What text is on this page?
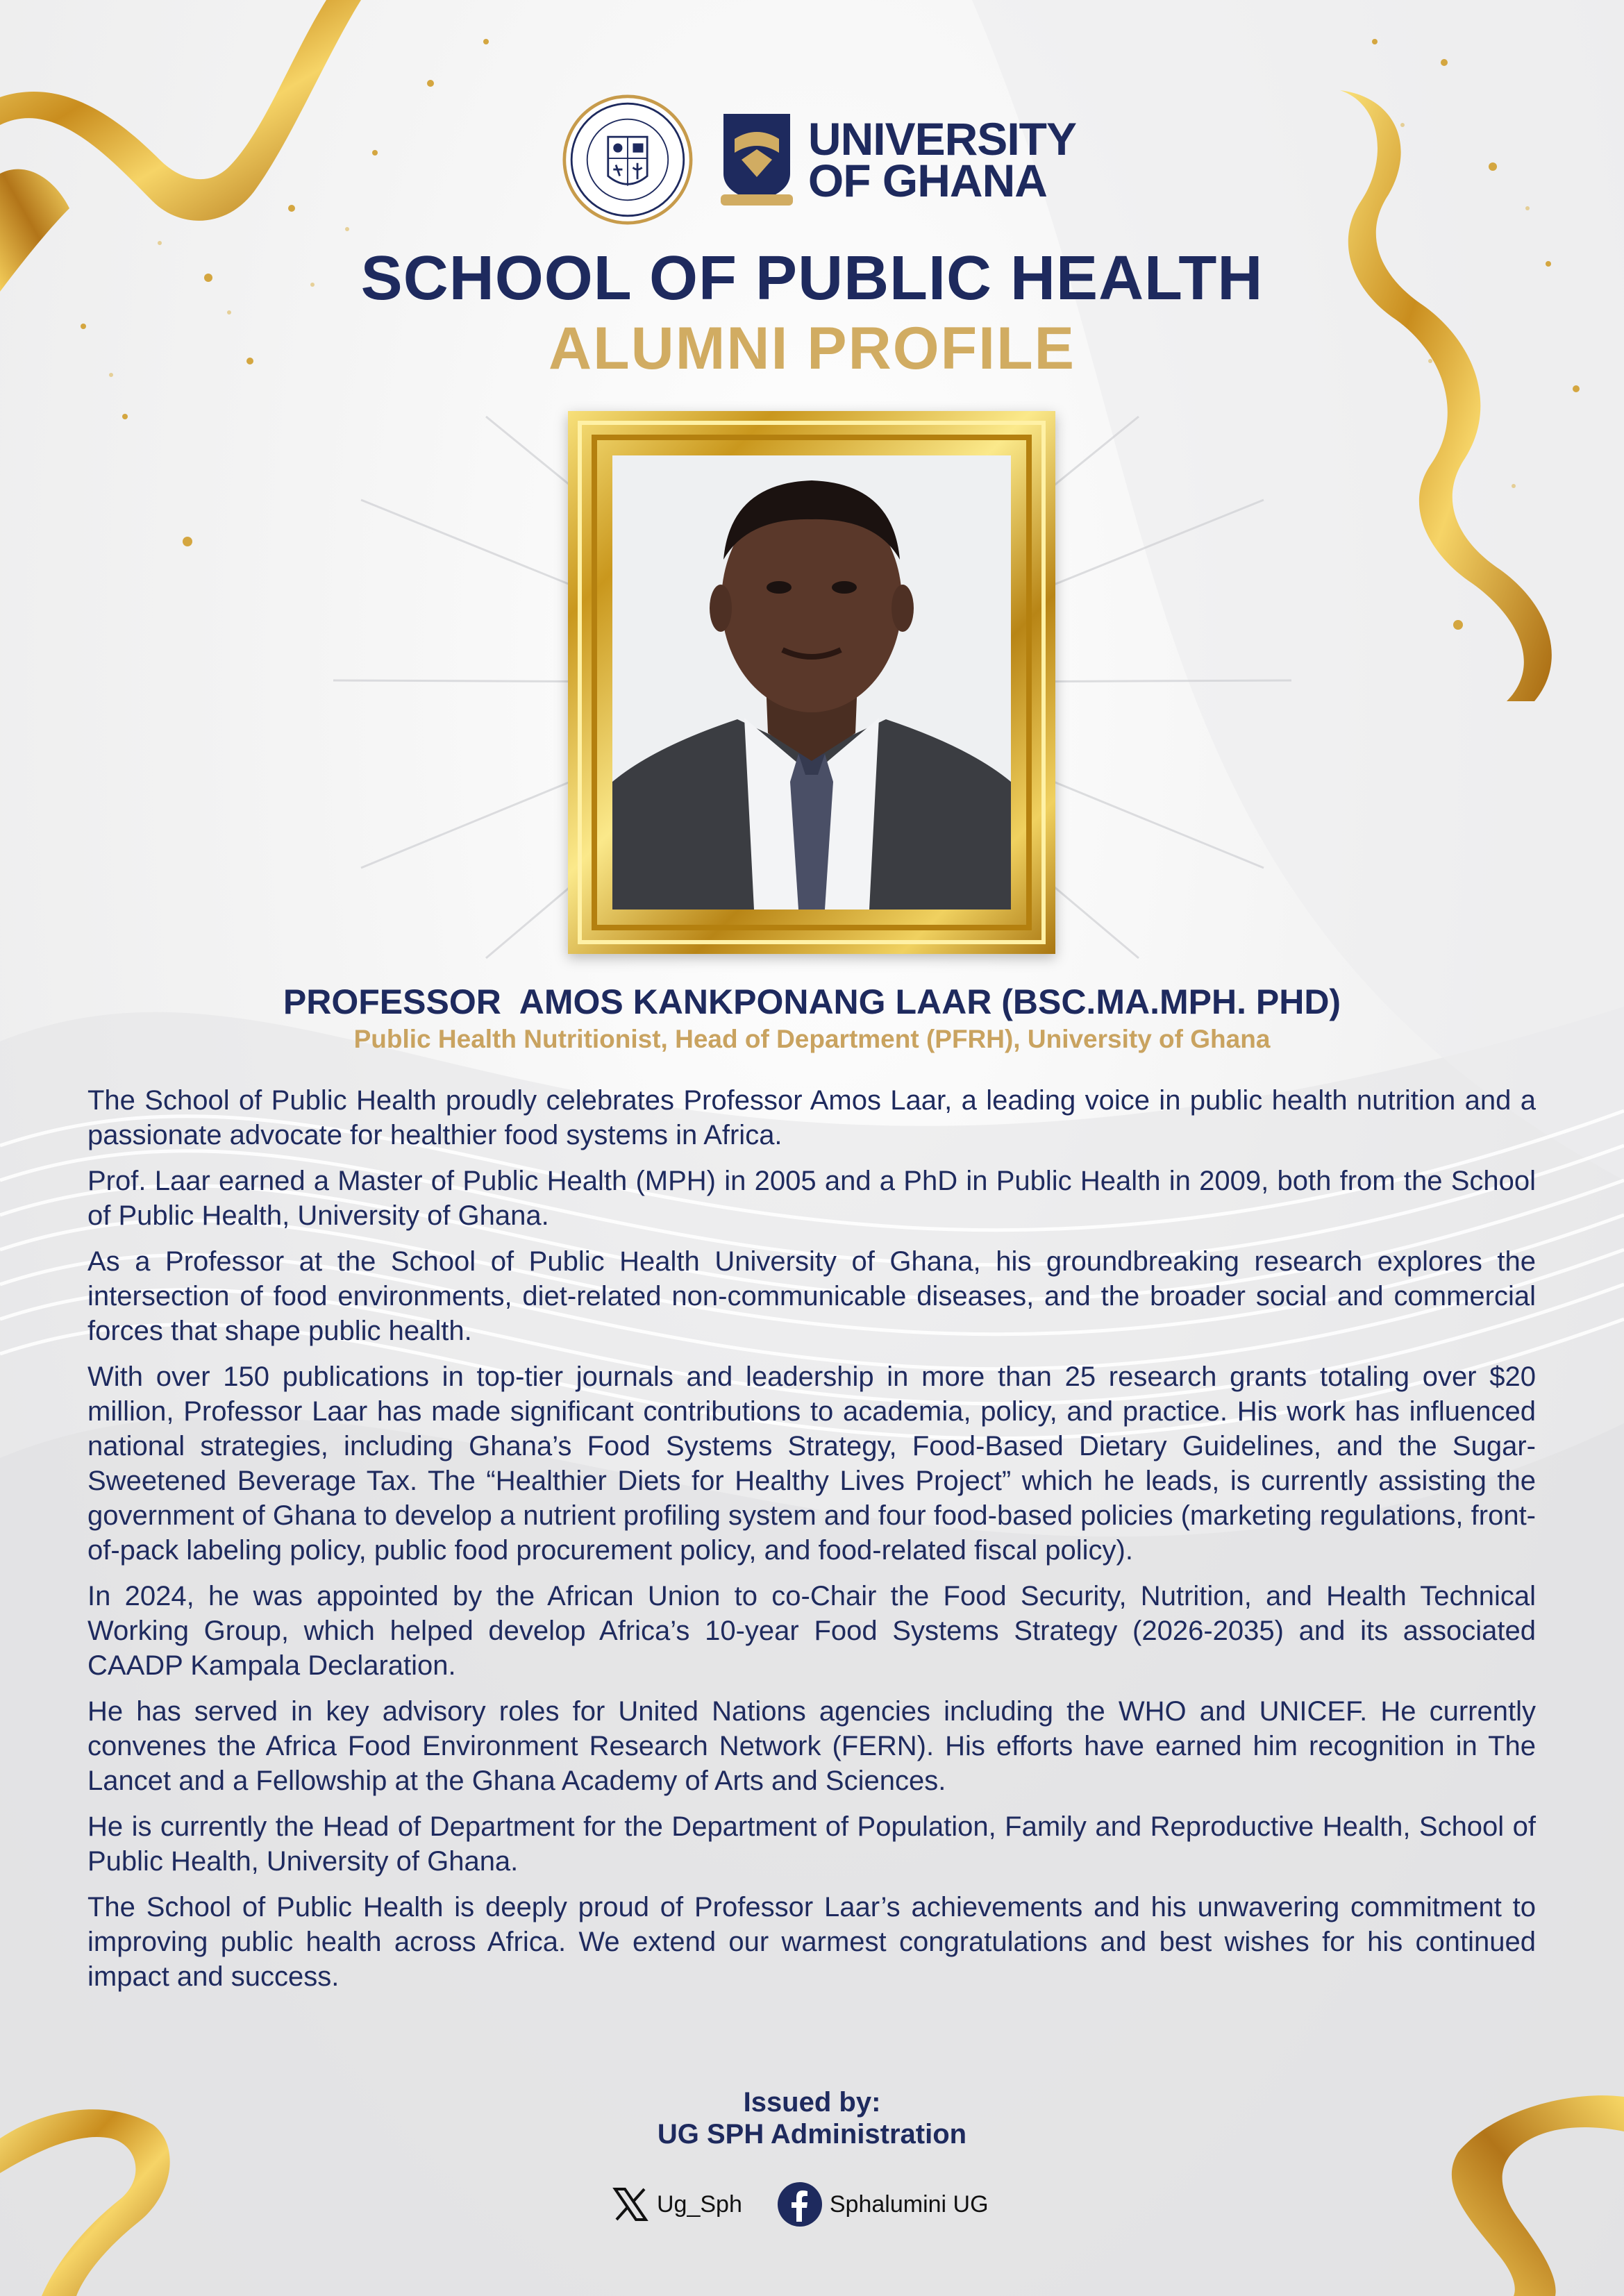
UNIVERSITY
OF GHANA
SCHOOL OF PUBLIC HEALTH
ALUMNI PROFILE
PROFESSOR  AMOS KANKPONANG LAAR (BSC.MA.MPH. PHD)
Public Health Nutritionist, Head of Department (PFRH), University of Ghana

The School of Public Health proudly celebrates Professor Amos Laar, a leading voice in public health nutrition and a passionate advocate for healthier food systems in Africa.

Prof. Laar earned a Master of Public Health (MPH) in 2005 and a PhD in Public Health in 2009, both from the School of Public Health, University of Ghana.

As a Professor at the School of Public Health University of Ghana, his groundbreaking research explores the intersection of food environments, diet-related non-communicable diseases, and the broader social and commercial forces that shape public health.

With over 150 publications in top-tier journals and leadership in more than 25 research grants totaling over $20 million, Professor Laar has made significant contributions to academia, policy, and practice. His work has influenced national strategies, including Ghana’s Food Systems Strategy, Food-Based Dietary Guidelines, and the Sugar-Sweetened Beverage Tax. The “Healthier Diets for Healthy Lives Project” which he leads, is currently assisting the government of Ghana to develop a nutrient profiling system and four food-based policies (marketing regulations, front-of-pack labeling policy, public food procurement policy, and food-related fiscal policy).

In 2024, he was appointed by the African Union to co-Chair the Food Security, Nutrition, and Health Technical Working Group, which helped develop Africa’s 10-year Food Systems Strategy (2026-2035) and its associated CAADP Kampala Declaration.

He has served in key advisory roles for United Nations agencies including the WHO and UNICEF. He currently convenes the Africa Food Environment Research Network (FERN). His efforts have earned him recognition in The Lancet and a Fellowship at the Ghana Academy of Arts and Sciences.

He is currently the Head of Department for the Department of Population, Family and Reproductive Health, School of Public Health, University of Ghana.

The School of Public Health is deeply proud of Professor Laar’s achievements and his unwavering commitment to improving public health across Africa. We extend our warmest congratulations and best wishes for his continued impact and success.

Issued by:
UG SPH Administration
Ug_Sph	Sphalumini UG
